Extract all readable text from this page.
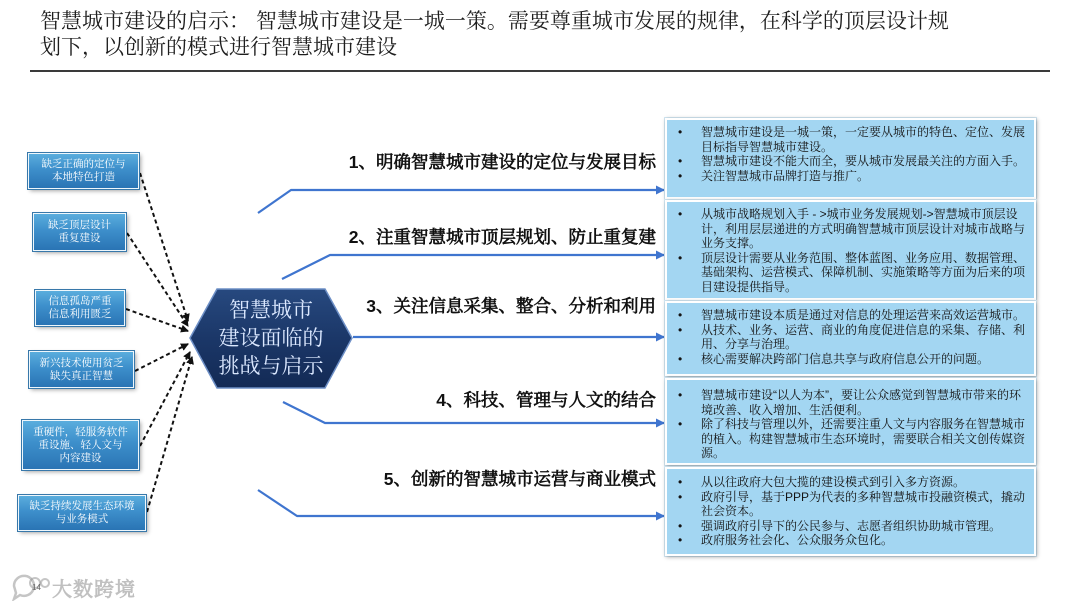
智慧城市建设的启示： 智慧城市建设是一城一策。需要尊重城市发展的规律，在科学的顶层设计规
划下，以创新的模式进行智慧城市建设
智慧城市
建设面临的
挑战与启示
缺乏正确的定位与
本地特色打造
缺乏顶层设计
重复建设
信息孤岛严重
信息利用匮乏
新兴技术使用贫乏
缺失真正智慧
重硬件，轻服务软件
重设施、轻人文与
内容建设
缺乏持续发展生态环境
与业务模式
1、明确智慧城市建设的定位与发展目标
2、注重智慧城市顶层规划、防止重复建
3、关注信息采集、整合、分析和利用
4、科技、管理与人文的结合
5、创新的智慧城市运营与商业模式
• 智慧城市建设是一城一策，一定要从城市的特色、定位、发展目标指导智慧城市建设。
• 智慧城市建设不能大而全，要从城市发展最关注的方面入手。
• 关注智慧城市品牌打造与推广。
• 从城市战略规划入手 - >城市业务发展规划->智慧城市顶层设计，利用层层递进的方式明确智慧城市顶层设计对城市战略与业务支撑。
• 顶层设计需要从业务范围、整体蓝图、业务应用、数据管理、基础架构、运营模式、保障机制、实施策略等方面为后来的项目建设提供指导。
• 智慧城市建设本质是通过对信息的处理运营来高效运营城市。
• 从技术、业务、运营、商业的角度促进信息的采集、存储、利用、分享与治理。
• 核心需要解决跨部门信息共享与政府信息公开的问题。
• 智慧城市建设“以人为本”，要让公众感觉到智慧城市带来的环境改善、收入增加、生活便利。
• 除了科技与管理以外，还需要注重人文与内容服务在智慧城市的植入。构建智慧城市生态环境时，需要联合相关文创传媒资源。
• 从以往政府大包大揽的建设模式到引入多方资源。
• 政府引导，基于PPP为代表的多种智慧城市投融资模式，撬动社会资本。
• 强调政府引导下的公民参与、志愿者组织协助城市管理。
• 政府服务社会化、公众服务众包化。
大数跨境
14
